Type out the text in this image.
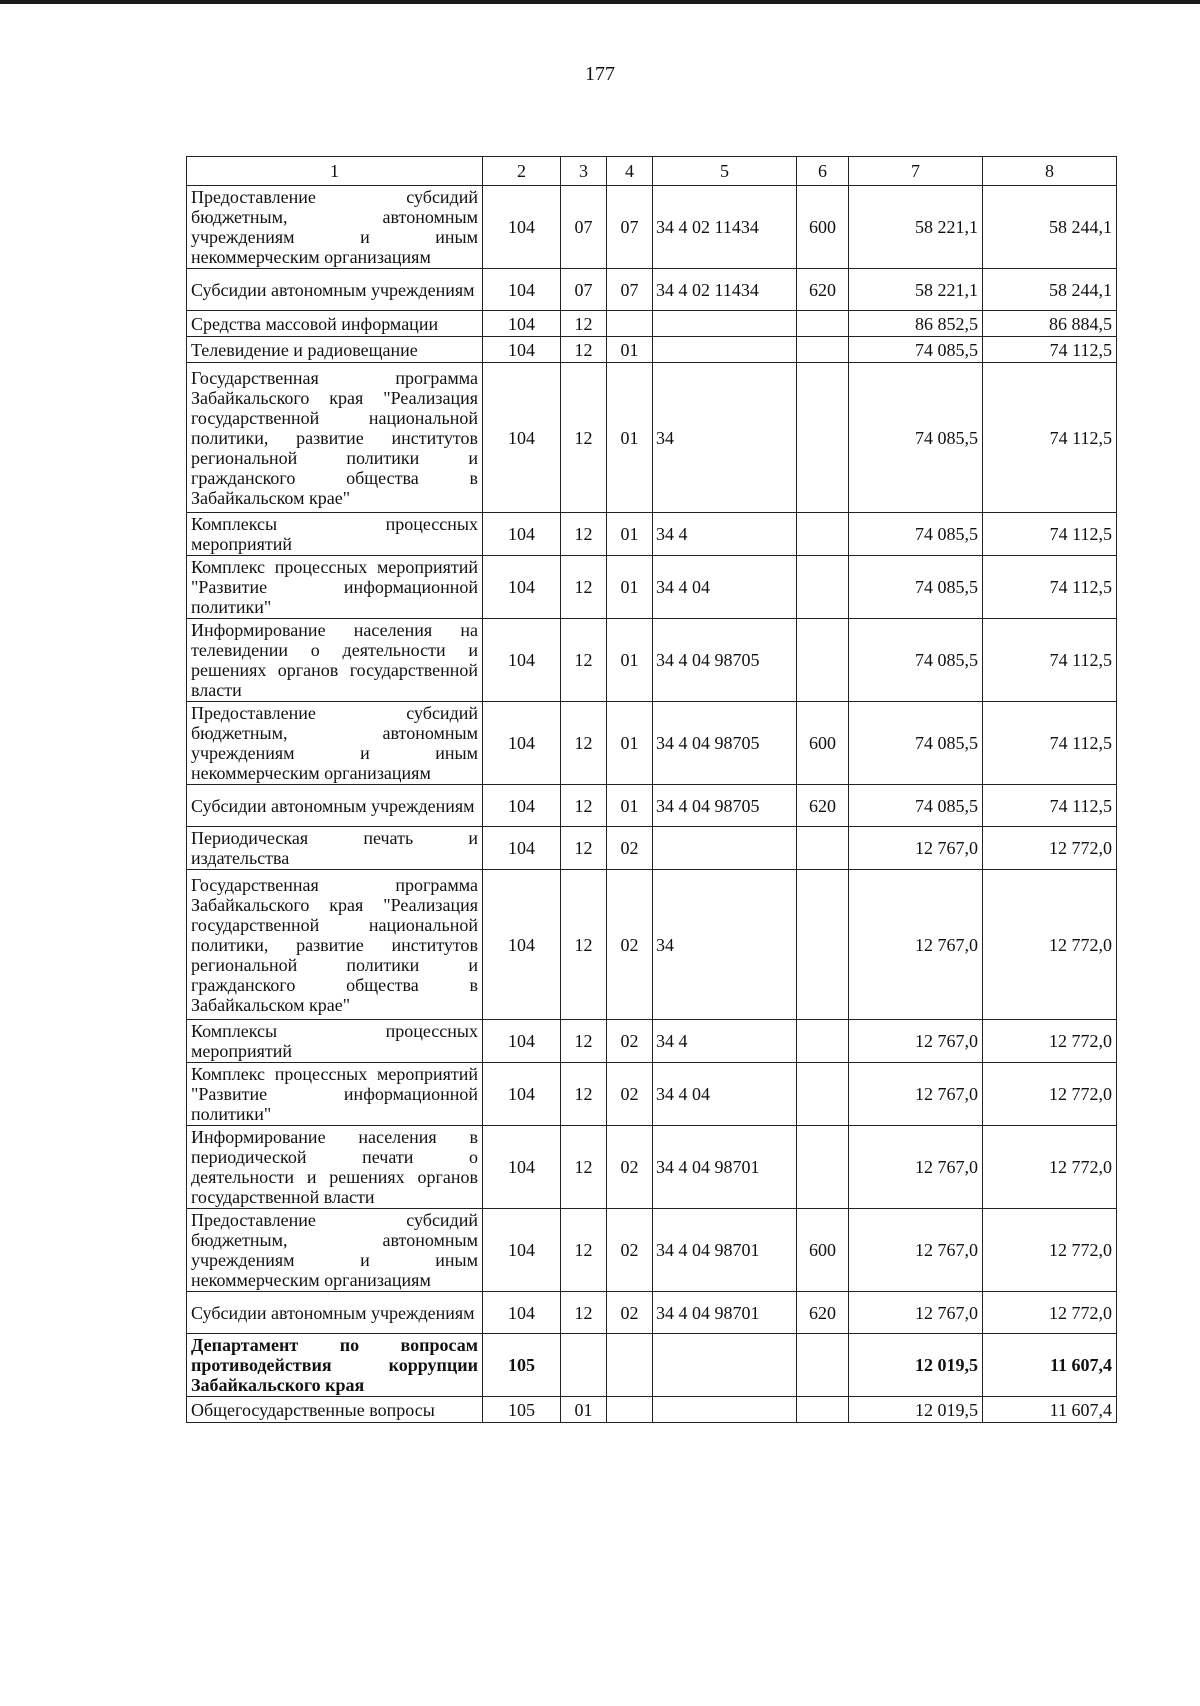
177
1	2	3	4	5	6	7	8
Предоставление субсидий бюджетным, автономным учреждениям и иным некоммерческим организациям	104	07	07	34 4 02 11434	600	58 221,1	58 244,1
Субсидии автономным учреждениям	104	07	07	34 4 02 11434	620	58 221,1	58 244,1
Средства массовой информации	104	12				86 852,5	86 884,5
Телевидение и радиовещание	104	12	01			74 085,5	74 112,5
Государственная программа Забайкальского края "Реализация государственной национальной политики, развитие институтов региональной политики и гражданского общества в Забайкальском крае"	104	12	01	34		74 085,5	74 112,5
Комплексы процессных мероприятий	104	12	01	34 4		74 085,5	74 112,5
Комплекс процессных мероприятий "Развитие информационной политики"	104	12	01	34 4 04		74 085,5	74 112,5
Информирование населения на телевидении о деятельности и решениях органов государственной власти	104	12	01	34 4 04 98705		74 085,5	74 112,5
Предоставление субсидий бюджетным, автономным учреждениям и иным некоммерческим организациям	104	12	01	34 4 04 98705	600	74 085,5	74 112,5
Субсидии автономным учреждениям	104	12	01	34 4 04 98705	620	74 085,5	74 112,5
Периодическая печать и издательства	104	12	02			12 767,0	12 772,0
Государственная программа Забайкальского края "Реализация государственной национальной политики, развитие институтов региональной политики и гражданского общества в Забайкальском крае"	104	12	02	34		12 767,0	12 772,0
Комплексы процессных мероприятий	104	12	02	34 4		12 767,0	12 772,0
Комплекс процессных мероприятий "Развитие информационной политики"	104	12	02	34 4 04		12 767,0	12 772,0
Информирование населения в периодической печати о деятельности и решениях органов государственной власти	104	12	02	34 4 04 98701		12 767,0	12 772,0
Предоставление субсидий бюджетным, автономным учреждениям и иным некоммерческим организациям	104	12	02	34 4 04 98701	600	12 767,0	12 772,0
Субсидии автономным учреждениям	104	12	02	34 4 04 98701	620	12 767,0	12 772,0
Департамент по вопросам противодействия коррупции Забайкальского края	105					12 019,5	11 607,4
Общегосударственные вопросы	105	01				12 019,5	11 607,4
